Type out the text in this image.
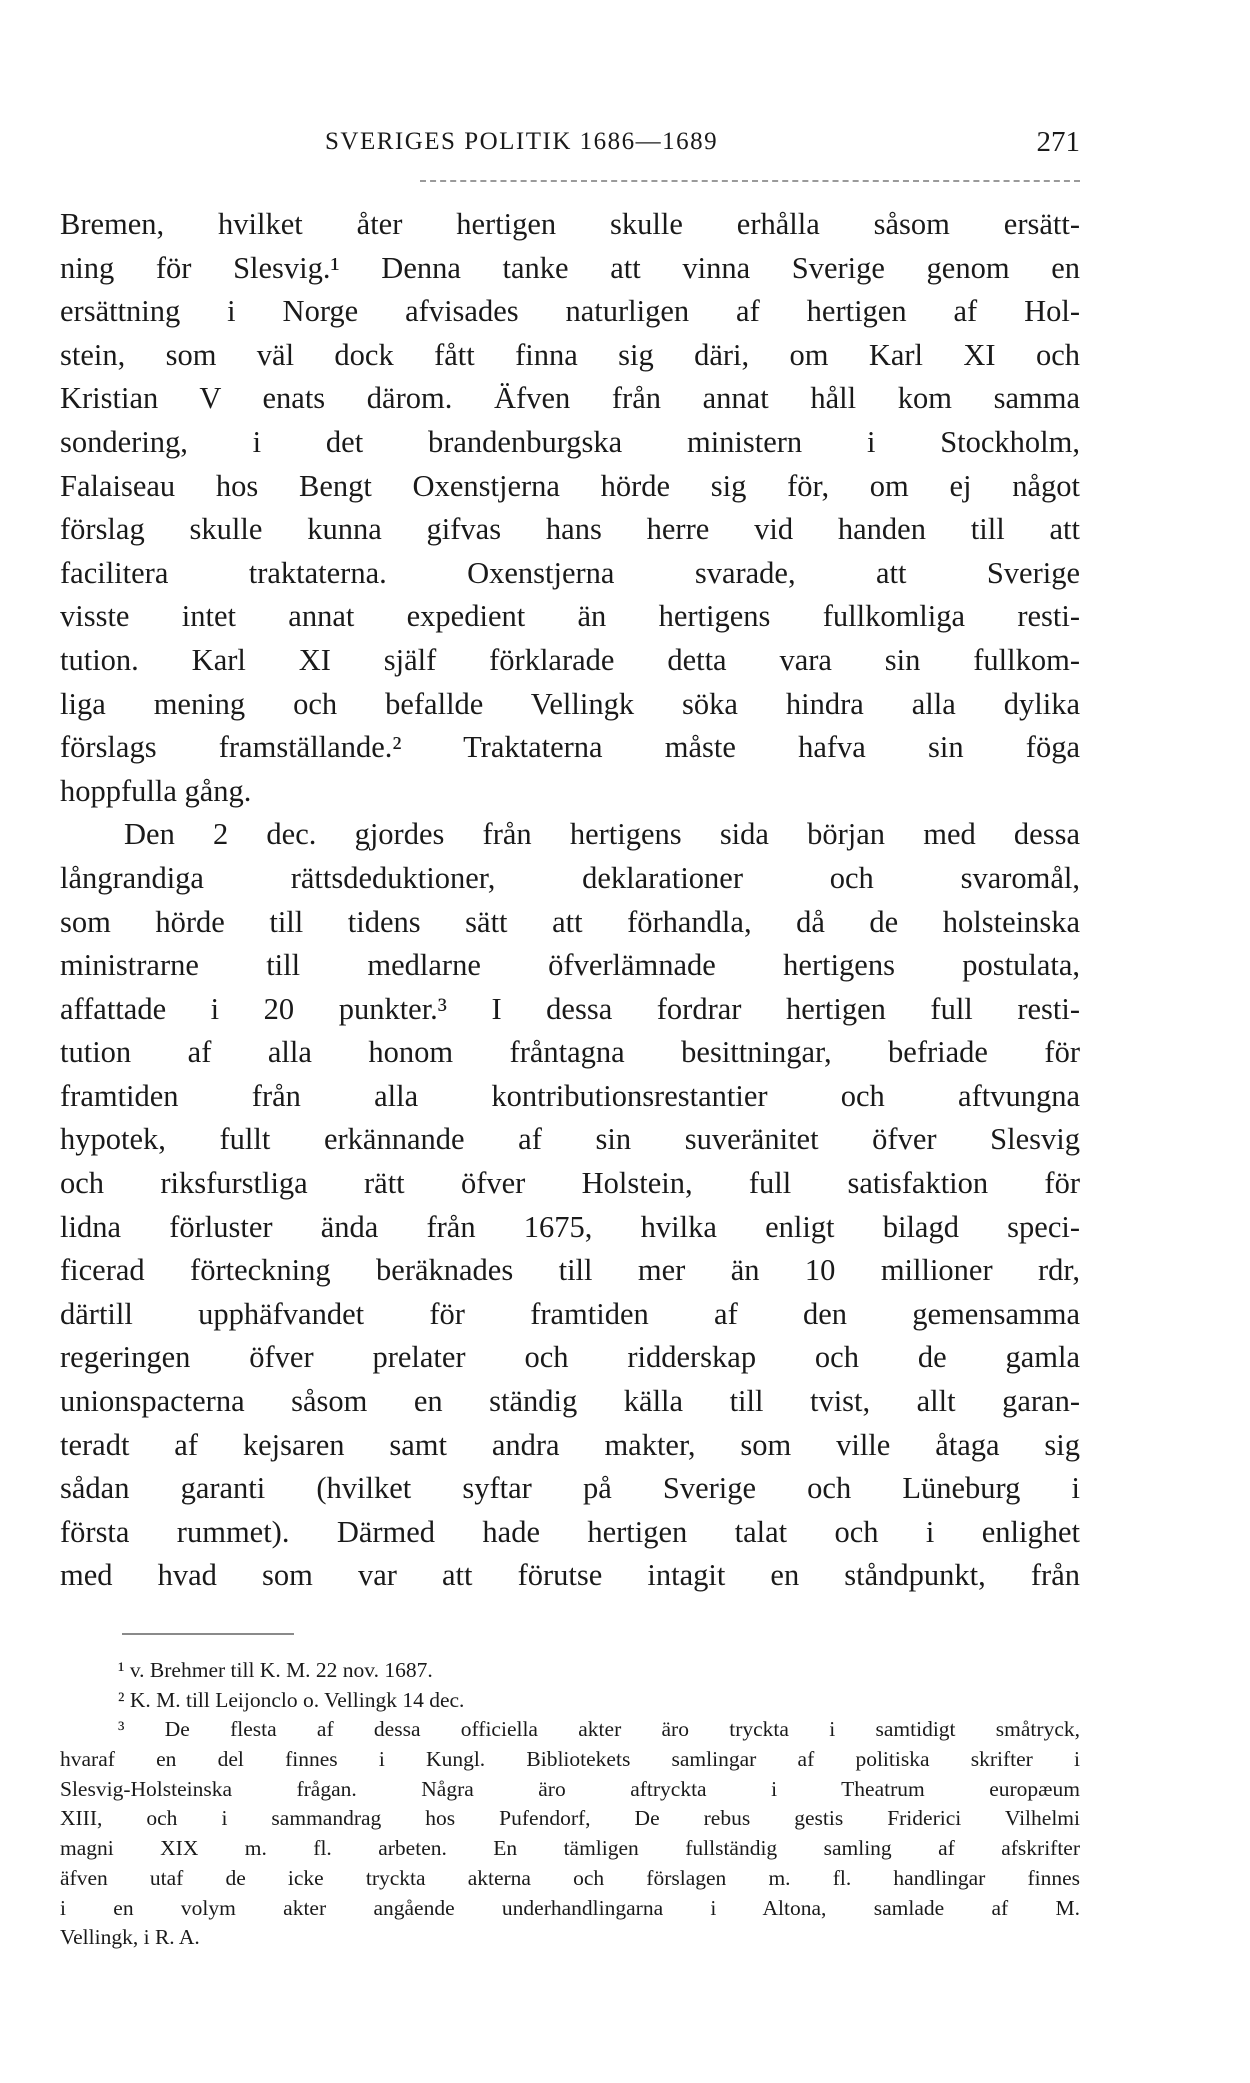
SVERIGES POLITIK 1686—1689	271
Bremen, hvilket åter hertigen skulle erhålla såsom ersätt-
ning för Slesvig.¹ Denna tanke att vinna Sverige genom en
ersättning i Norge afvisades naturligen af hertigen af Hol-
stein, som väl dock fått finna sig däri, om Karl XI och
Kristian V enats därom. Äfven från annat håll kom samma
sondering, i det brandenburgska ministern i Stockholm,
Falaiseau hos Bengt Oxenstjerna hörde sig för, om ej något
förslag skulle kunna gifvas hans herre vid handen till att
facilitera traktaterna. Oxenstjerna svarade, att Sverige
visste intet annat expedient än hertigens fullkomliga resti-
tution. Karl XI själf förklarade detta vara sin fullkom-
liga mening och befallde Vellingk söka hindra alla dylika
förslags framställande.² Traktaterna måste hafva sin föga
hoppfulla gång.
Den 2 dec. gjordes från hertigens sida början med dessa
långrandiga rättsdeduktioner, deklarationer och svaromål,
som hörde till tidens sätt att förhandla, då de holsteinska
ministrarne till medlarne öfverlämnade hertigens postulata,
affattade i 20 punkter.³ I dessa fordrar hertigen full resti-
tution af alla honom fråntagna besittningar, befriade för
framtiden från alla kontributionsrestantier och aftvungna
hypotek, fullt erkännande af sin suveränitet öfver Slesvig
och riksfurstliga rätt öfver Holstein, full satisfaktion för
lidna förluster ända från 1675, hvilka enligt bilagd speci-
ficerad förteckning beräknades till mer än 10 millioner rdr,
därtill upphäfvandet för framtiden af den gemensamma
regeringen öfver prelater och ridderskap och de gamla
unionspacterna såsom en ständig källa till tvist, allt garan-
teradt af kejsaren samt andra makter, som ville åtaga sig
sådan garanti (hvilket syftar på Sverige och Lüneburg i
första rummet). Därmed hade hertigen talat och i enlighet
med hvad som var att förutse intagit en ståndpunkt, från
¹ v. Brehmer till K. M. 22 nov. 1687.
² K. M. till Leijonclo o. Vellingk 14 dec.
³ De flesta af dessa officiella akter äro tryckta i samtidigt småtryck,
hvaraf en del finnes i Kungl. Bibliotekets samlingar af politiska skrifter i
Slesvig-Holsteinska frågan. Några äro aftryckta i Theatrum europæum
XIII, och i sammandrag hos Pufendorf, De rebus gestis Friderici Vilhelmi
magni XIX m. fl. arbeten. En tämligen fullständig samling af afskrifter
äfven utaf de icke tryckta akterna och förslagen m. fl. handlingar finnes
i en volym akter angående underhandlingarna i Altona, samlade af M.
Vellingk, i R. A.
